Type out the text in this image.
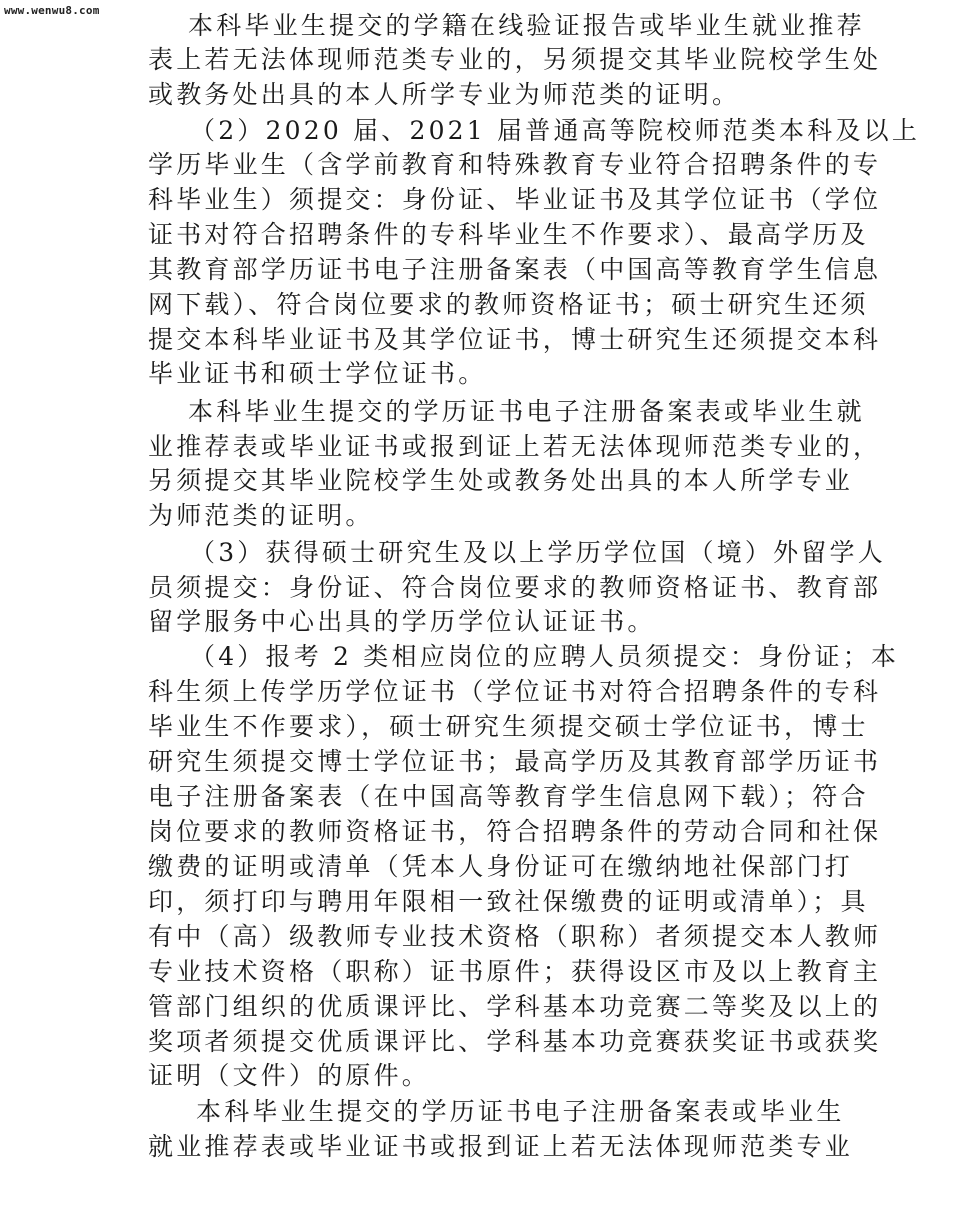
www.wenwu8.com
本科毕业生提交的学籍在线验证报告或毕业生就业推荐
表上若无法体现师范类专业的，另须提交其毕业院校学生处
或教务处出具的本人所学专业为师范类的证明。
（2）2020 届、2021 届普通高等院校师范类本科及以上
学历毕业生（含学前教育和特殊教育专业符合招聘条件的专
科毕业生）须提交：身份证、毕业证书及其学位证书（学位
证书对符合招聘条件的专科毕业生不作要求）、最高学历及
其教育部学历证书电子注册备案表（中国高等教育学生信息
网下载）、符合岗位要求的教师资格证书；硕士研究生还须
提交本科毕业证书及其学位证书，博士研究生还须提交本科
毕业证书和硕士学位证书。
本科毕业生提交的学历证书电子注册备案表或毕业生就
业推荐表或毕业证书或报到证上若无法体现师范类专业的，
另须提交其毕业院校学生处或教务处出具的本人所学专业
为师范类的证明。
（3）获得硕士研究生及以上学历学位国（境）外留学人
员须提交：身份证、符合岗位要求的教师资格证书、教育部
留学服务中心出具的学历学位认证证书。
（4）报考 2 类相应岗位的应聘人员须提交：身份证；本
科生须上传学历学位证书（学位证书对符合招聘条件的专科
毕业生不作要求），硕士研究生须提交硕士学位证书，博士
研究生须提交博士学位证书；最高学历及其教育部学历证书
电子注册备案表（在中国高等教育学生信息网下载）；符合
岗位要求的教师资格证书，符合招聘条件的劳动合同和社保
缴费的证明或清单（凭本人身份证可在缴纳地社保部门打
印，须打印与聘用年限相一致社保缴费的证明或清单）；具
有中（高）级教师专业技术资格（职称）者须提交本人教师
专业技术资格（职称）证书原件；获得设区市及以上教育主
管部门组织的优质课评比、学科基本功竞赛二等奖及以上的
奖项者须提交优质课评比、学科基本功竞赛获奖证书或获奖
证明（文件）的原件。
本科毕业生提交的学历证书电子注册备案表或毕业生
就业推荐表或毕业证书或报到证上若无法体现师范类专业
